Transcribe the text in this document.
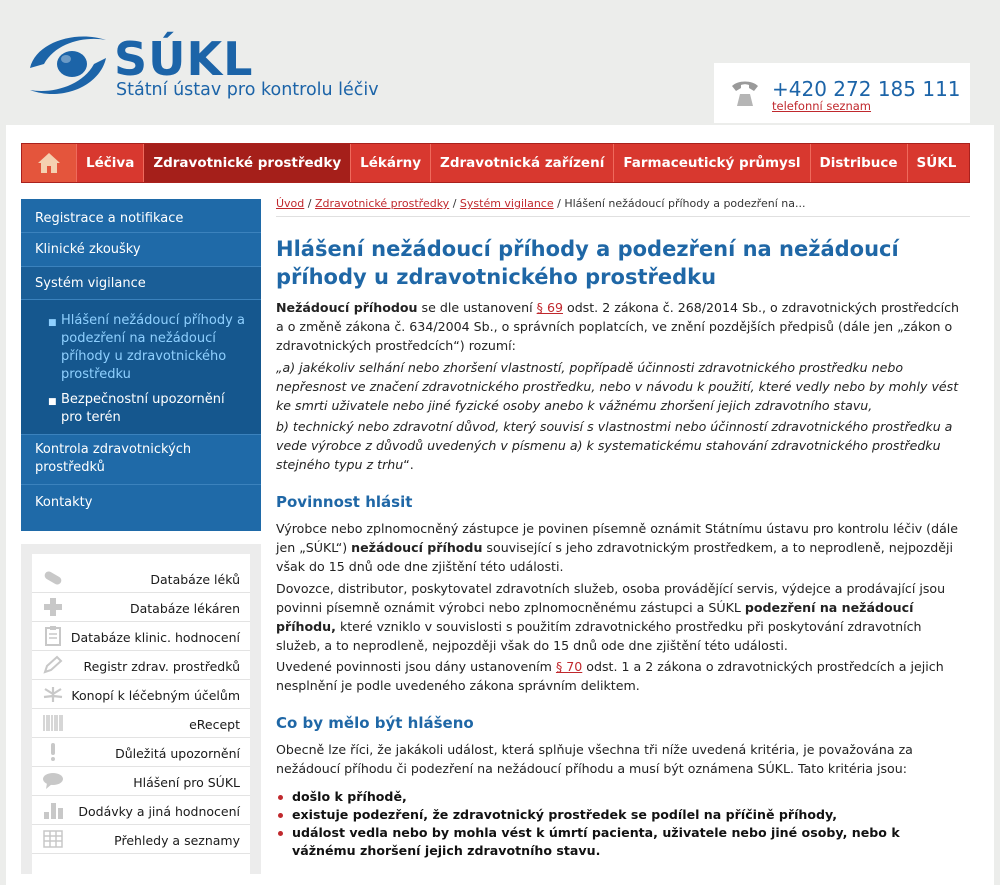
SÚKL
Státní ústav pro kontrolu léčiv	+420 272 185 111
telefonní seznam
Léčiva	Zdravotnické prostředky	Lékárny	Zdravotnická zařízení	Farmaceutický průmysl	Distribuce	SÚKL
Registrace a notifikace
Klinické zkoušky
Systém vigilance
■ Hlášení nežádoucí příhody a podezření na nežádoucí příhody u zdravotnického prostředku
■ Bezpečnostní upozornění pro terén
Kontrola zdravotnických prostředků
Kontakty
Databáze léků
Databáze lékáren
Databáze klinic. hodnocení
Registr zdrav. prostředků
Konopí k léčebným účelům
eRecept
Důležitá upozornění
Hlášení pro SÚKL
Dodávky a jiná hodnocení
Přehledy a seznamy
Úvod / Zdravotnické prostředky / Systém vigilance / Hlášení nežádoucí příhody a podezření na...
Hlášení nežádoucí příhody a podezření na nežádoucí příhody u zdravotnického prostředku
Nežádoucí příhodou se dle ustanovení § 69 odst. 2 zákona č. 268/2014 Sb., o zdravotnických prostředcích a o změně zákona č. 634/2004 Sb., o správních poplatcích, ve znění pozdějších předpisů (dále jen „zákon o zdravotnických prostředcích“) rozumí:
„a) jakékoliv selhání nebo zhoršení vlastností, popřípadě účinnosti zdravotnického prostředku nebo nepřesnost ve značení zdravotnického prostředku, nebo v návodu k použití, které vedly nebo by mohly vést ke smrti uživatele nebo jiné fyzické osoby anebo k vážnému zhoršení jejich zdravotního stavu,
b) technický nebo zdravotní důvod, který souvisí s vlastnostmi nebo účinností zdravotnického prostředku a vede výrobce z důvodů uvedených v písmenu a) k systematickému stahování zdravotnického prostředku stejného typu z trhu“.
Povinnost hlásit
Výrobce nebo zplnomocněný zástupce je povinen písemně oznámit Státnímu ústavu pro kontrolu léčiv (dále jen „SÚKL“) nežádoucí příhodu související s jeho zdravotnickým prostředkem, a to neprodleně, nejpozději však do 15 dnů ode dne zjištění této události.
Dovozce, distributor, poskytovatel zdravotních služeb, osoba provádějící servis, výdejce a prodávající jsou povinni písemně oznámit výrobci nebo zplnomocněnému zástupci a SÚKL podezření na nežádoucí příhodu, které vzniklo v souvislosti s použitím zdravotnického prostředku při poskytování zdravotních služeb, a to neprodleně, nejpozději však do 15 dnů ode dne zjištění této události.
Uvedené povinnosti jsou dány ustanovením § 70 odst. 1 a 2 zákona o zdravotnických prostředcích a jejich nesplnění je podle uvedeného zákona správním deliktem.
Co by mělo být hlášeno
Obecně lze říci, že jakákoli událost, která splňuje všechna tři níže uvedená kritéria, je považována za nežádoucí příhodu či podezření na nežádoucí příhodu a musí být oznámena SÚKL. Tato kritéria jsou:
došlo k příhodě,
existuje podezření, že zdravotnický prostředek se podílel na příčině příhody,
událost vedla nebo by mohla vést k úmrtí pacienta, uživatele nebo jiné osoby, nebo k vážnému zhoršení jejich zdravotního stavu.
